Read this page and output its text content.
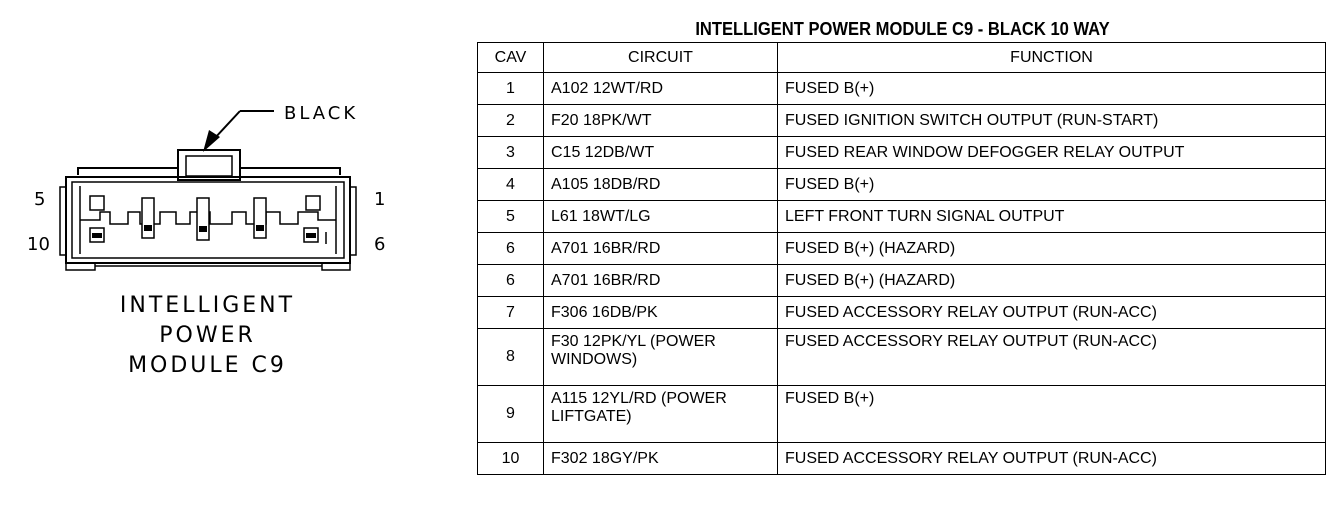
BLACK
5
10
1
6
INTELLIGENT
POWER
MODULE C9
INTELLIGENT POWER MODULE C9 - BLACK 10 WAY
CAV	CIRCUIT	FUNCTION
1	A102 12WT/RD	FUSED B(+)
2	F20 18PK/WT	FUSED IGNITION SWITCH OUTPUT (RUN-START)
3	C15 12DB/WT	FUSED REAR WINDOW DEFOGGER RELAY OUTPUT
4	A105 18DB/RD	FUSED B(+)
5	L61 18WT/LG	LEFT FRONT TURN SIGNAL OUTPUT
6	A701 16BR/RD	FUSED B(+) (HAZARD)
6	A701 16BR/RD	FUSED B(+) (HAZARD)
7	F306 16DB/PK	FUSED ACCESSORY RELAY OUTPUT (RUN-ACC)
8	F30 12PK/YL (POWER WINDOWS)	FUSED ACCESSORY RELAY OUTPUT (RUN-ACC)
9	A115 12YL/RD (POWER LIFTGATE)	FUSED B(+)
10	F302 18GY/PK	FUSED ACCESSORY RELAY OUTPUT (RUN-ACC)
